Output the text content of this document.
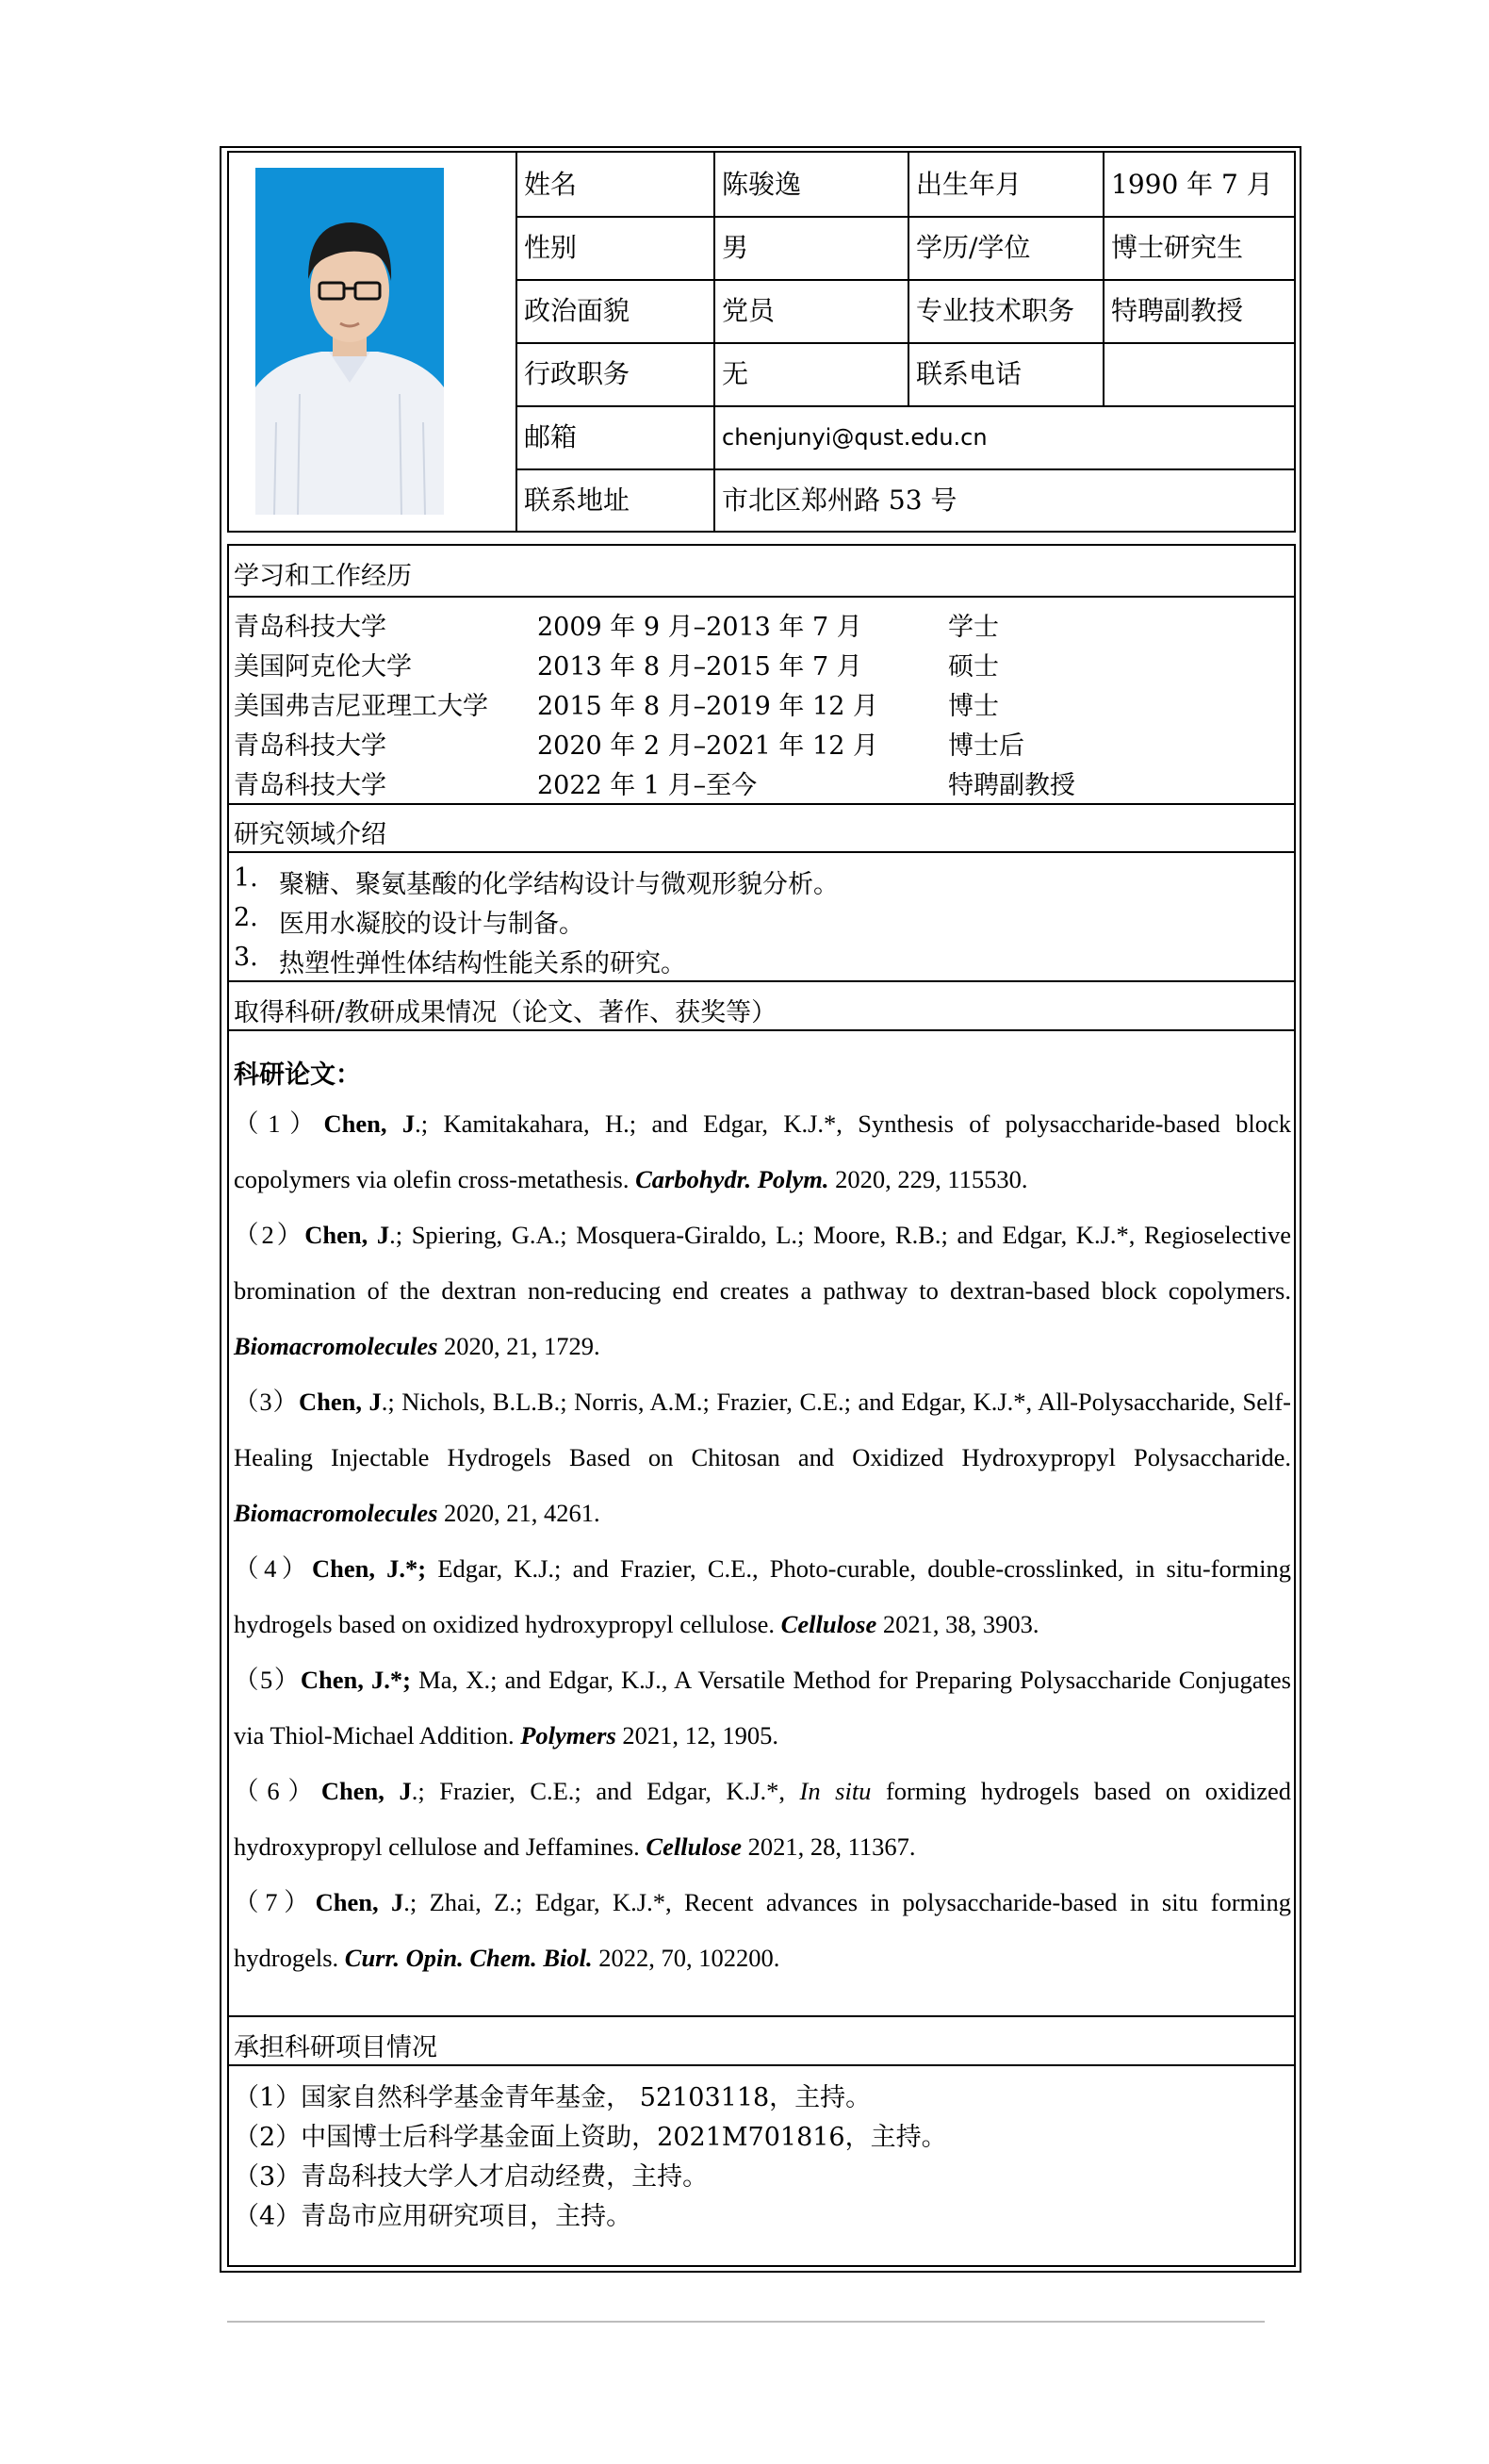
姓名	陈骏逸	出生年月	1990 年 7 月
性别	男	学历/学位	博士研究生
政治面貌	党员	专业技术职务	特聘副教授
行政职务	无	联系电话
邮箱	chenjunyi@qust.edu.cn
联系地址	市北区郑州路 53 号
学习和工作经历
青岛科技大学	2009 年 9 月–2013 年 7 月	学士
美国阿克伦大学	2013 年 8 月–2015 年 7 月	硕士
美国弗吉尼亚理工大学 2015 年 8 月–2019 年 12 月	博士
青岛科技大学	2020 年 2 月–2021 年 12 月	博士后
青岛科技大学	2022 年 1 月–至今	特聘副教授
研究领域介绍
1. 聚糖、聚氨基酸的化学结构设计与微观形貌分析。
2. 医用水凝胶的设计与制备。
3. 热塑性弹性体结构性能关系的研究。
取得科研/教研成果情况（论文、著作、获奖等）
科研论文：
（1）Chen, J.; Kamitakahara, H.; and Edgar, K.J.*, Synthesis of polysaccharide-based block copolymers via olefin cross-metathesis. Carbohydr. Polym. 2020, 229, 115530.
（2）Chen, J.; Spiering, G.A.; Mosquera-Giraldo, L.; Moore, R.B.; and Edgar, K.J.*, Regioselective bromination of the dextran non-reducing end creates a pathway to dextran-based block copolymers. Biomacromolecules 2020, 21, 1729.
（3）Chen, J.; Nichols, B.L.B.; Norris, A.M.; Frazier, C.E.; and Edgar, K.J.*, All-Polysaccharide, Self-Healing Injectable Hydrogels Based on Chitosan and Oxidized Hydroxypropyl Polysaccharide. Biomacromolecules 2020, 21, 4261.
（4）Chen, J.*; Edgar, K.J.; and Frazier, C.E., Photo-curable, double-crosslinked, in situ-forming hydrogels based on oxidized hydroxypropyl cellulose. Cellulose 2021, 38, 3903.
（5）Chen, J.*; Ma, X.; and Edgar, K.J., A Versatile Method for Preparing Polysaccharide Conjugates via Thiol-Michael Addition. Polymers 2021, 12, 1905.
（6）Chen, J.; Frazier, C.E.; and Edgar, K.J.*, In situ forming hydrogels based on oxidized hydroxypropyl cellulose and Jeffamines. Cellulose 2021, 28, 11367.
（7）Chen, J.; Zhai, Z.; Edgar, K.J.*, Recent advances in polysaccharide-based in situ forming hydrogels. Curr. Opin. Chem. Biol. 2022, 70, 102200.
承担科研项目情况
（1）国家自然科学基金青年基金， 52103118，主持。
（2）中国博士后科学基金面上资助，2021M701816，主持。
（3）青岛科技大学人才启动经费，主持。
（4）青岛市应用研究项目，主持。
